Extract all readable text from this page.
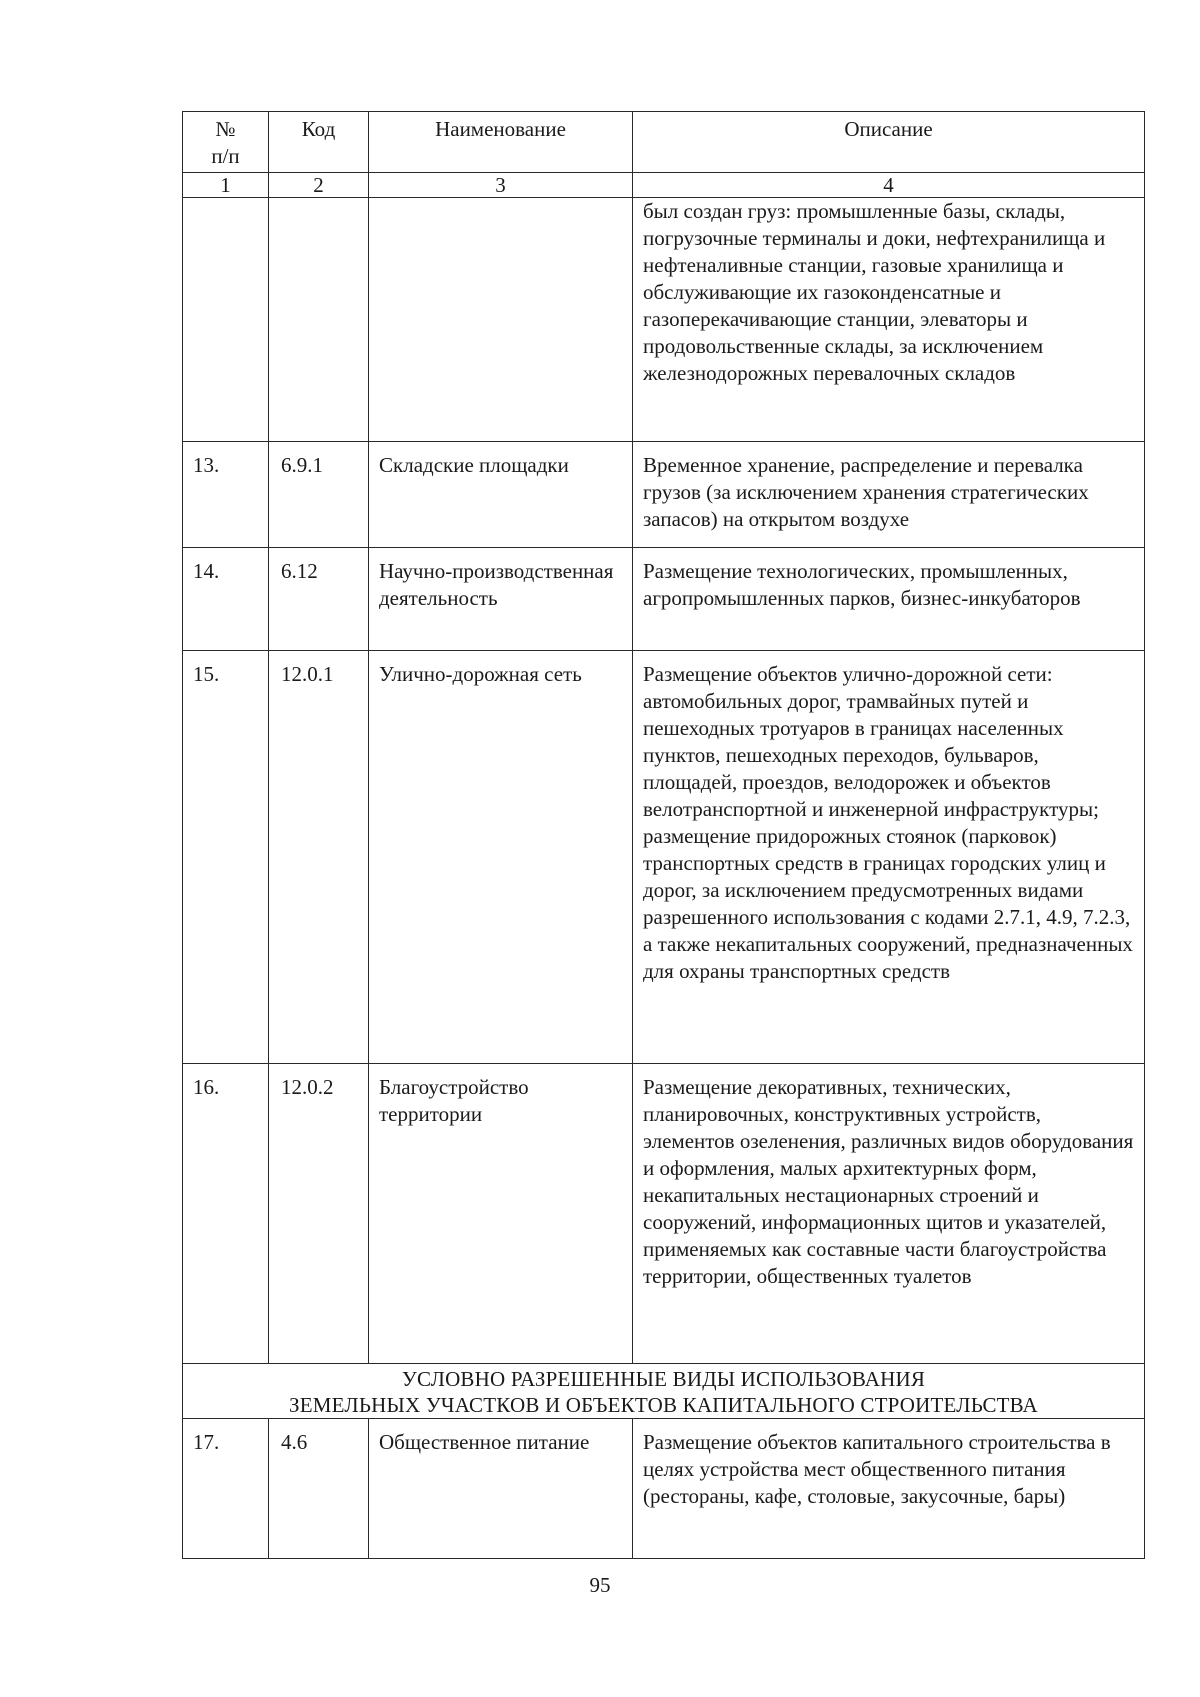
№
п/п	Код	Наименование	Описание
1	2	3	4
			был создан груз: промышленные базы, склады, погрузочные терминалы и доки, нефтехранилища и нефтеналивные станции, газовые хранилища и обслуживающие их газоконденсатные и газоперекачивающие станции, элеваторы и продовольственные склады, за исключением железнодорожных перевалочных складов
13.	6.9.1	Складские площадки	Временное хранение, распределение и перевалка грузов (за исключением хранения стратегических запасов) на открытом воздухе
14.	6.12	Научно-производственная деятельность	Размещение технологических, промышленных, агропромышленных парков, бизнес-инкубаторов
15.	12.0.1	Улично-дорожная сеть	Размещение объектов улично-дорожной сети: автомобильных дорог, трамвайных путей и пешеходных тротуаров в границах населенных пунктов, пешеходных переходов, бульваров, площадей, проездов, велодорожек и объектов велотранспортной и инженерной инфраструктуры; размещение придорожных стоянок (парковок) транспортных средств в границах городских улиц и дорог, за исключением предусмотренных видами разрешенного использования с кодами 2.7.1, 4.9, 7.2.3, а также некапитальных сооружений, предназначенных для охраны транспортных средств
16.	12.0.2	Благоустройство территории	Размещение декоративных, технических, планировочных, конструктивных устройств, элементов озеленения, различных видов оборудования и оформления, малых архитектурных форм, некапитальных нестационарных строений и сооружений, информационных щитов и указателей, применяемых как составные части благоустройства территории, общественных туалетов

УСЛОВНО РАЗРЕШЕННЫЕ ВИДЫ ИСПОЛЬЗОВАНИЯ
ЗЕМЕЛЬНЫХ УЧАСТКОВ И ОБЪЕКТОВ КАПИТАЛЬНОГО СТРОИТЕЛЬСТВА			

17.	4.6	Общественное питание	Размещение объектов капитального строительства в целях устройства мест общественного питания (рестораны, кафе, столовые, закусочные, бары)
95
